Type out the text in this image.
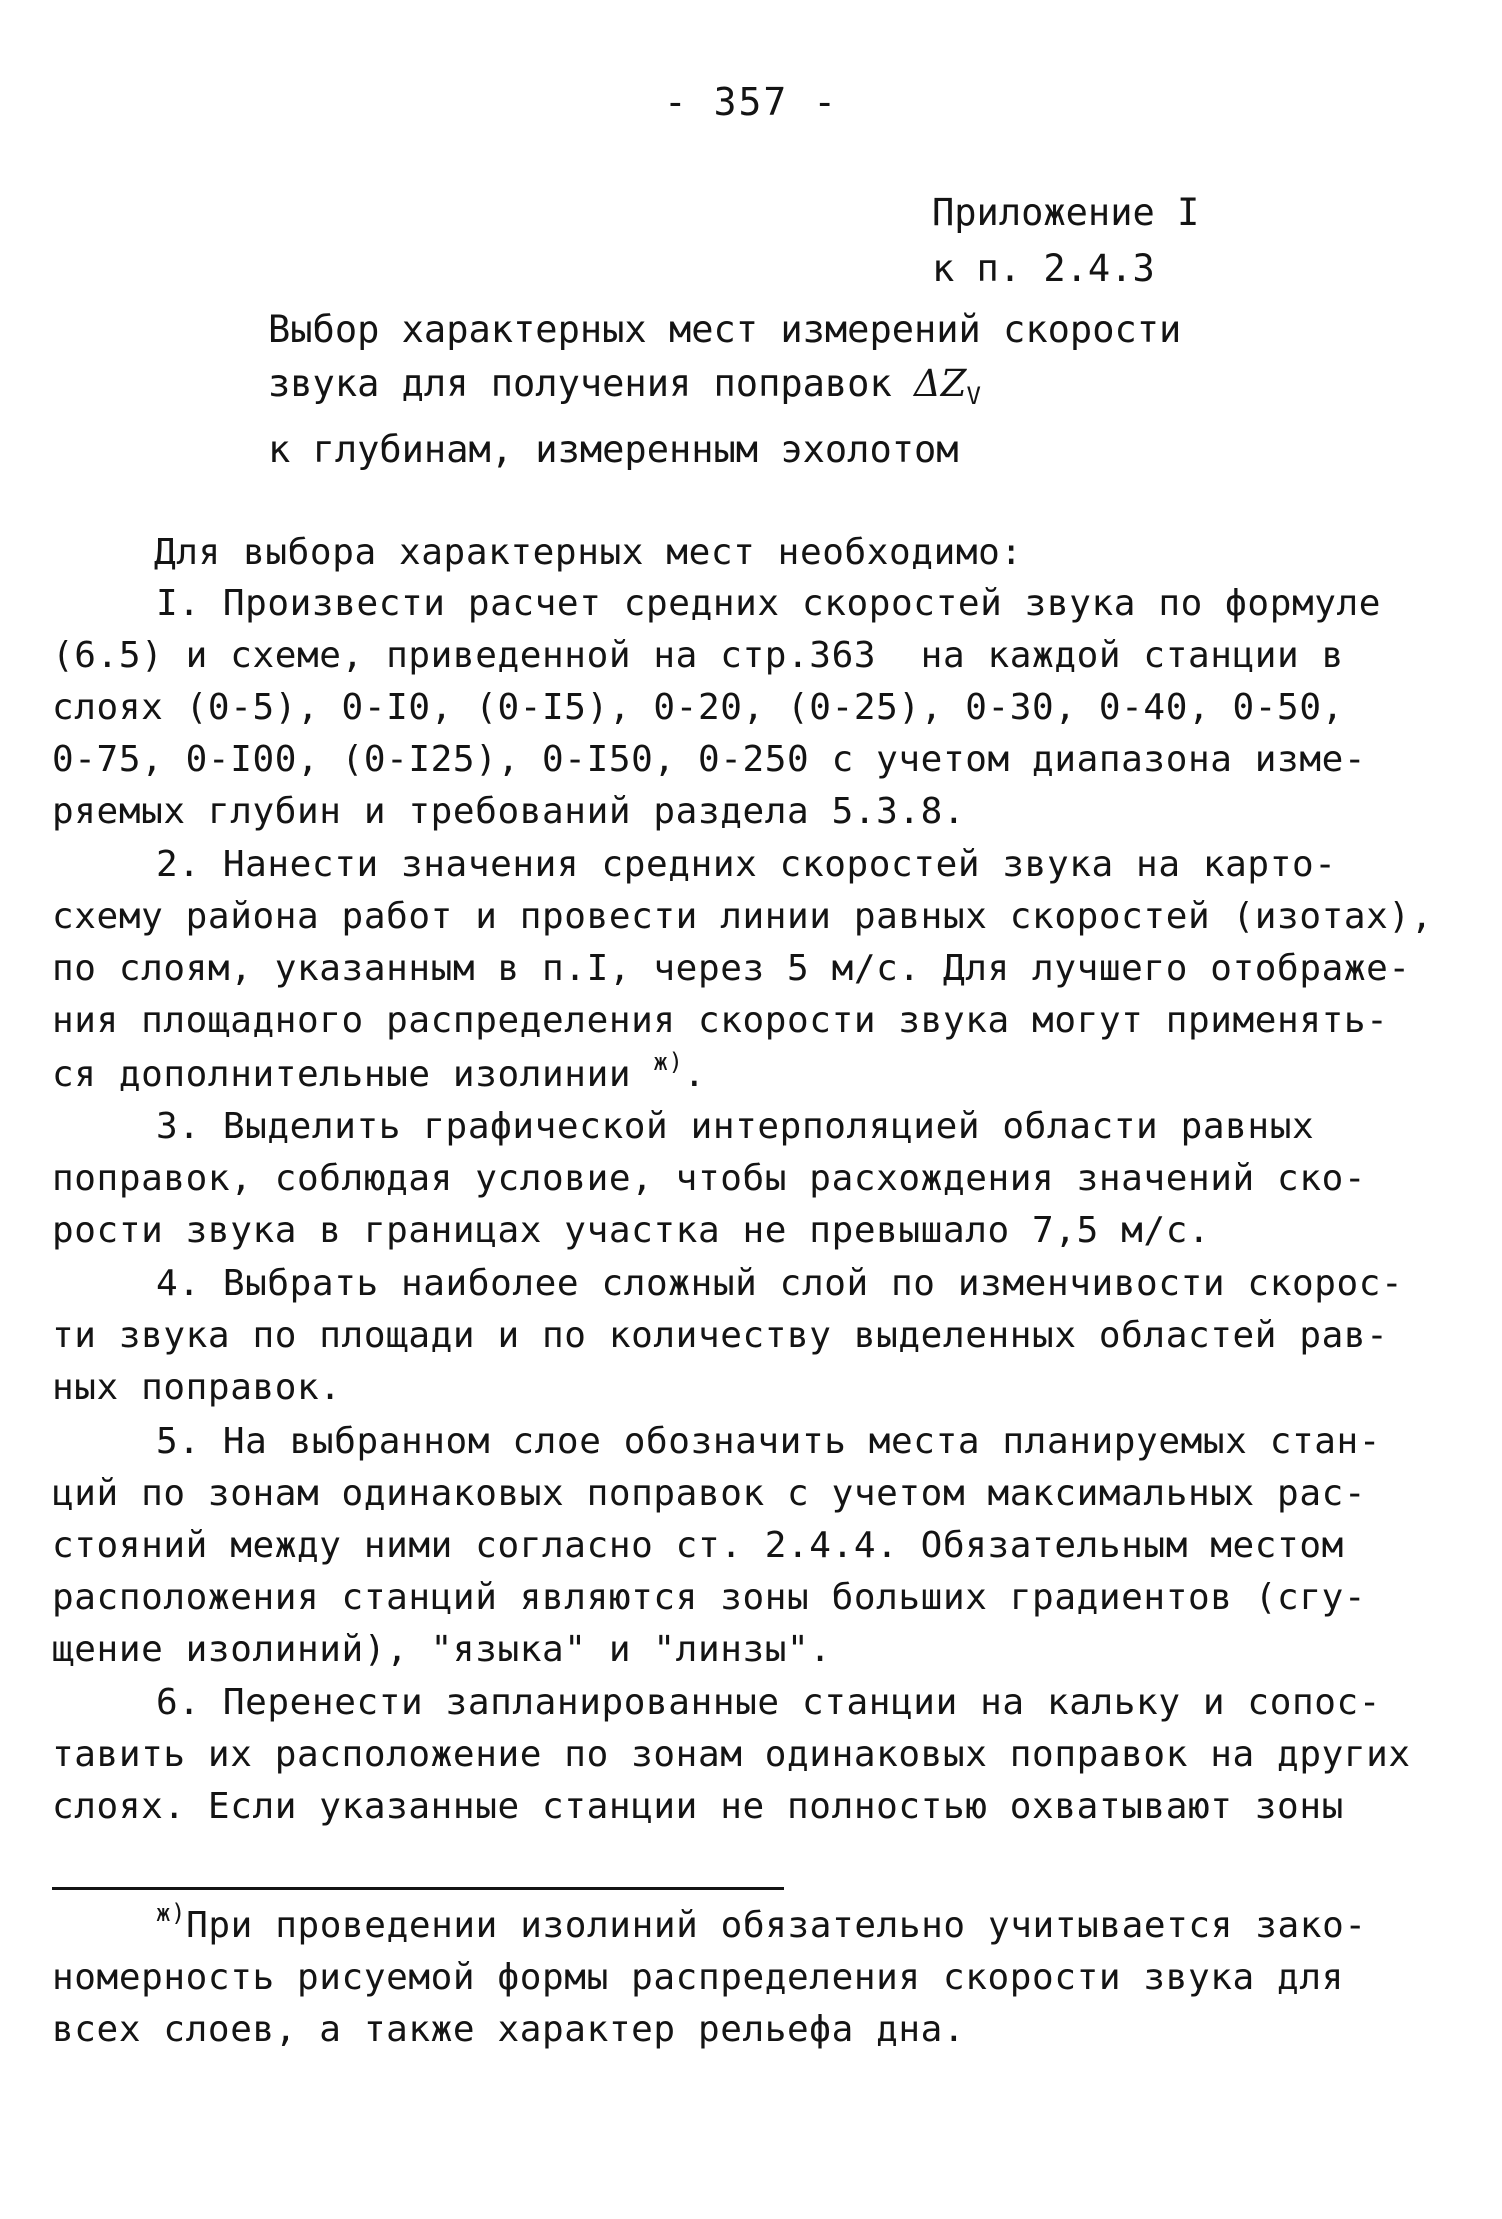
- 357 -
Приложение I
к п. 2.4.3
Выбор характерных мест измерений скорости
звука для получения поправок $\Delta Z_V$
к глубинам, измеренным эхолотом
Для выбора характерных мест необходимо:
I. Произвести расчет средних скоростей звука по формуле
(6.5) и схеме, приведенной на стр.363  на каждой станции в
слоях (0-5), 0-I0, (0-I5), 0-20, (0-25), 0-30, 0-40, 0-50,
0-75, 0-I00, (0-I25), 0-I50, 0-250 с учетом диапазона изме-
ряемых глубин и требований раздела 5.3.8.
2. Нанести значения средних скоростей звука на карто-
схему района работ и провести линии равных скоростей (изотах),
по слоям, указанным в п.I, через 5 м/с. Для лучшего отображе-
ния площадного распределения скорости звука могут применять-
ся дополнительные изолинии $^{ж)}$.
3. Выделить графической интерполяцией области равных
поправок, соблюдая условие, чтобы расхождения значений ско-
рости звука в границах участка не превышало 7,5 м/с.
4. Выбрать наиболее сложный слой по изменчивости скорос-
ти звука по площади и по количеству выделенных областей рав-
ных поправок.
5. На выбранном слое обозначить места планируемых стан-
ций по зонам одинаковых поправок с учетом максимальных рас-
стояний между ними согласно ст. 2.4.4. Обязательным местом
расположения станций являются зоны больших градиентов (сгу-
щение изолиний), "языка" и "линзы".
6. Перенести запланированные станции на кальку и сопос-
тавить их расположение по зонам одинаковых поправок на других
слоях. Если указанные станции не полностью охватывают зоны
$^{ж)}$При проведении изолиний обязательно учитывается зако-
номерность рисуемой формы распределения скорости звука для
всех слоев, а также характер рельефа дна.
